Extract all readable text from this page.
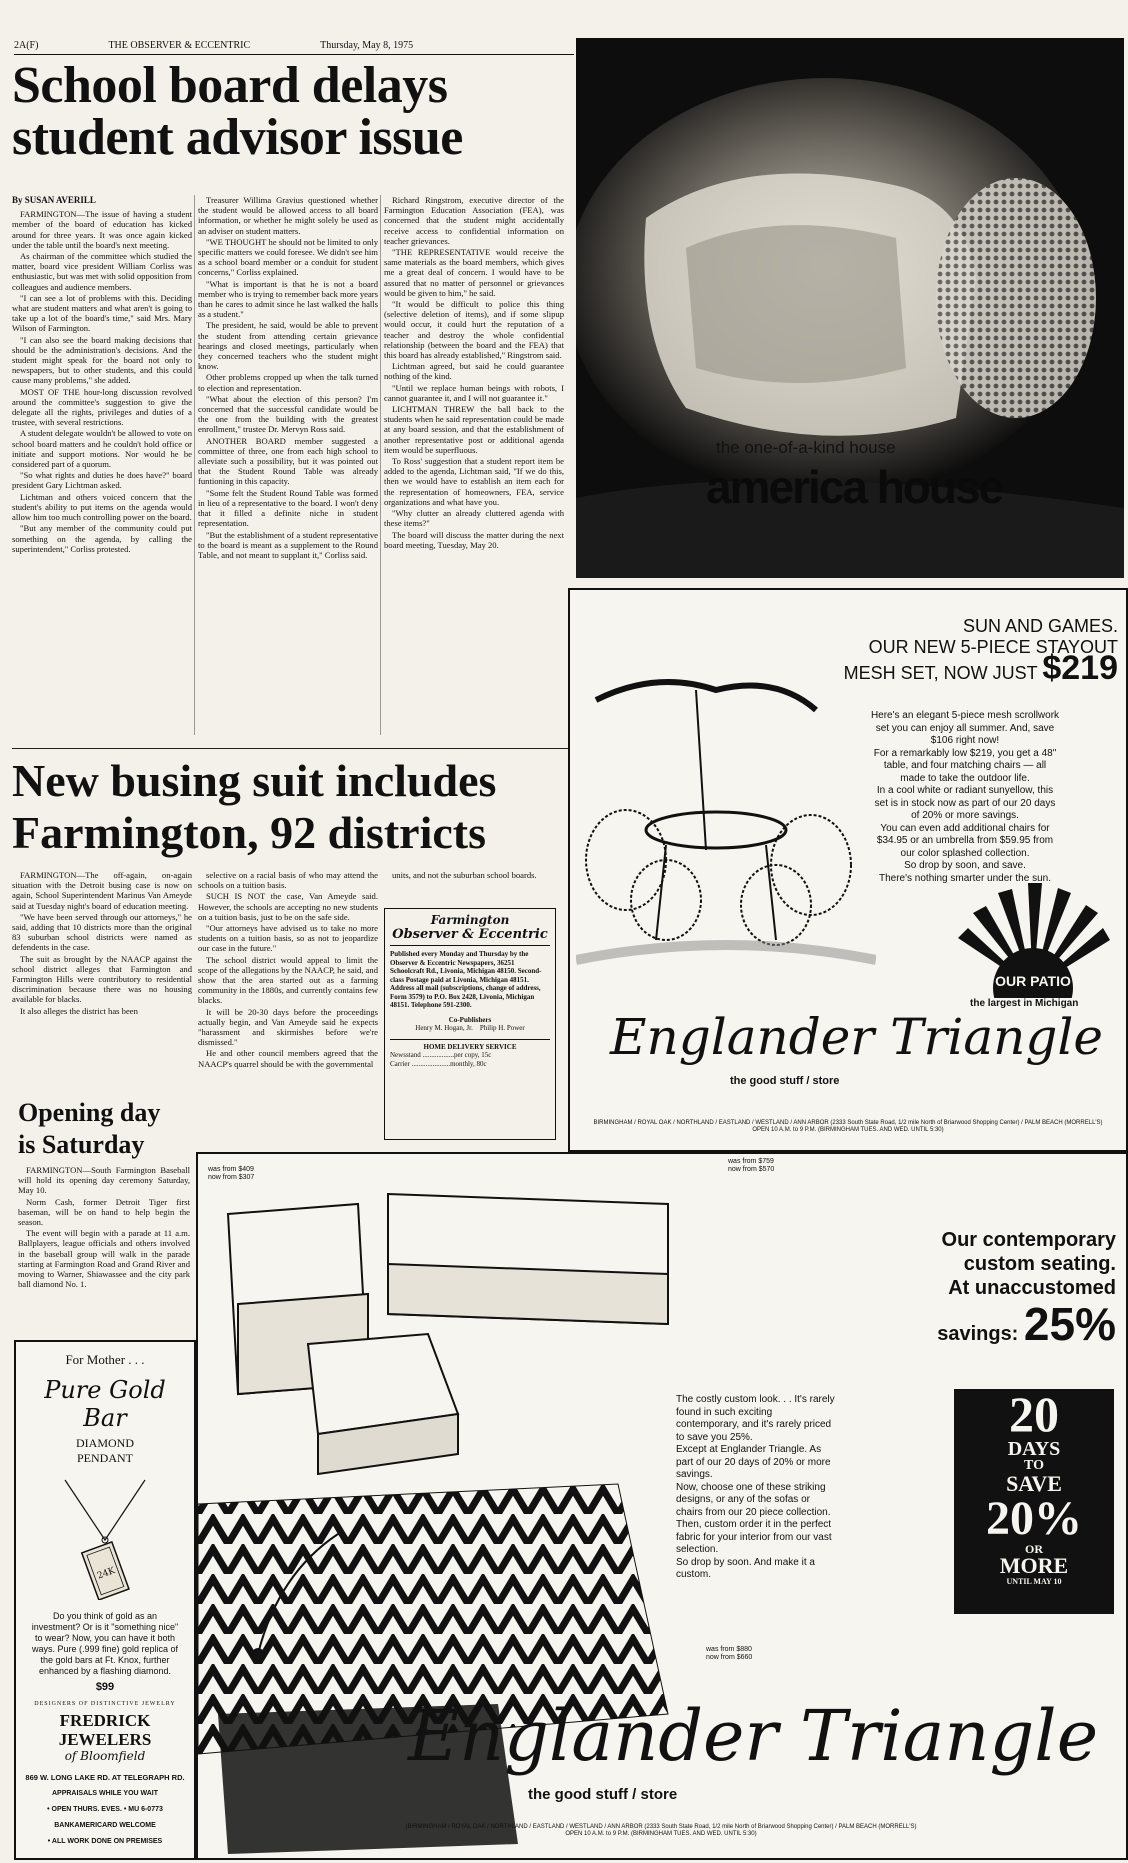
2A(F)	THE OBSERVER & ECCENTRIC	Thursday, May 8, 1975
School board delays
student advisor issue
By SUSAN AVERILL

FARMINGTON—The issue of having a student member of the board of education has kicked around for three years. It was once again kicked under the table until the board's next meeting.

As chairman of the committee which studied the matter, board vice president William Corliss was enthusiastic, but was met with solid opposition from colleagues and audience members.

"I can see a lot of problems with this. Deciding what are student matters and what aren't is going to take up a lot of the board's time," said Mrs. Mary Wilson of Farmington.

"I can also see the board making decisions that should be the administration's decisions. And the student might speak for the board not only to newspapers, but to other students, and this could cause many problems," she added.

MOST OF THE hour-long discussion revolved around the committee's suggestion to give the delegate all the rights, privileges and duties of a trustee, with several restrictions.

A student delegate wouldn't be allowed to vote on school board matters and he couldn't hold office or initiate and support motions. Nor would he be considered part of a quorum.

"So what rights and duties he does have?" board president Gary Lichtman asked.

Lichtman and others voiced concern that the student's ability to put items on the agenda would allow him too much controlling power on the board.

"But any member of the community could put something on the agenda, by calling the superintendent," Corliss protested.

Treasurer Willima Gravius questioned whether the student would be allowed access to all board information, or whether he might solely be used as an adviser on student matters.

"WE THOUGHT he should not be limited to only specific matters we could foresee. We didn't see him as a school board member or a conduit for student concerns," Corliss explained.

"What is important is that he is not a board member who is trying to remember back more years than he cares to admit since he last walked the halls as a student."

The president, he said, would be able to prevent the student from attending certain grievance hearings and closed meetings, particularly when they concerned teachers who the student might know.

Other problems cropped up when the talk turned to election and representation.

"What about the election of this person? I'm concerned that the successful candidate would be the one from the building with the greatest enrollment," trustee Dr. Mervyn Ross said.

ANOTHER BOARD member suggested a committee of three, one from each high school to alleviate such a possibility, but it was pointed out that the Student Round Table was already funtioning in this capacity.

"Some felt the Student Round Table was formed in lieu of a representative to the board. I won't deny that it filled a definite niche in student representation.

"But the establishment of a student representative to the board is meant as a supplement to the Round Table, and not meant to supplant it," Corliss said.

Richard Ringstrom, executive director of the Farmington Education Association (FEA), was concerned that the student might accidentally receive access to confidential information on teacher grievances.

"THE REPRESENTATIVE would receive the same materials as the board members, which gives me a great deal of concern. I would have to be assured that no matter of personnel or grievances would be given to him," he said.

"It would be difficult to police this thing (selective deletion of items), and if some slipup would occur, it could hurt the reputation of a teacher and destroy the whole confidential relationship (between the board and the FEA) that this board has already established," Ringstrom said.

Lichtman agreed, but said he could guarantee nothing of the kind.

"Until we replace human beings with robots, I cannot guarantee it, and I will not guarantee it."

LICHTMAN THREW the ball back to the students when he said representation could be made at any board session, and that the establishment of another representative post or additional agenda item would be superfluous.

To Ross' suggestion that a student report item be added to the agenda, Lichtman said, "If we do this, then we would have to establish an item each for the representation of homeowners, FEA, service organizations and what have you.

"Why clutter an already cluttered agenda with these items?"

The board will discuss the matter during the next board meeting, Tuesday, May 20.

New busing suit includes
Farmington, 92 districts

FARMINGTON—The off-again, on-again situation with the Detroit busing case is now on again, School Superintendent Marinus Van Ameyde said at Tuesday night's board of education meeting.

"We have been served through our attorneys," he said, adding that 10 districts more than the original 83 suburban school districts were named as defendents in the case.

The suit as brought by the NAACP against the school district alleges that Farmington and Farmington Hills were contributory to residential discrimination because there was no housing available for blacks.

It also alleges the district has been

selective on a racial basis of who may attend the schools on a tuition basis.

SUCH IS NOT the case, Van Ameyde said. However, the schools are accepting no new students on a tuition basis, just to be on the safe side.

"Our attorneys have advised us to take no more students on a tuition basis, so as not to jeopardize our case in the future."

The school district would appeal to limit the scope of the allegations by the NAACP, he said, and show that the area started out as a farming community in the 1880s, and currently contains few blacks.

It will be 20-30 days before the proceedings actually begin, and Van Ameyde said he expects "harassment and skirmishes before we're dismissed."

He and other council members agreed that the NAACP's quarrel should be with the governmental

units, and not the suburban school boards.

Farmington
Observer & Eccentric
Published every Monday and Thursday by the Observer & Eccentric Newspapers, 36251 Schoolcraft Rd., Livonia, Michigan 48150. Second-class Postage paid at Livonia, Michigan 48151. Address all mail (subscriptions, change of address, Form 3579) to P.O. Box 2428, Livonia, Michigan 48151. Telephone 591-2300.
Co-Publishers
Henry M. Hogan, Jr.    Philip H. Power
HOME DELIVERY SERVICE
Newsstand ..................per copy, 15c
Carrier ......................monthly, 80c
Opening day
is Saturday

FARMINGTON—South Farmington Baseball will hold its opening day ceremony Saturday, May 10.

Norm Cash, former Detroit Tiger first baseman, will be on hand to help begin the season.

The event will begin with a parade at 11 a.m. Ballplayers, league officials and others involved in the baseball group will walk in the parade starting at Farmington Road and Grand River and moving to Warner, Shiawassee and the city park ball diamond No. 1.

For Mother . . .
Pure Gold
Bar
DIAMOND
PENDANT
24K
Do you think of gold as an investment? Or is it "something nice" to wear? Now, you can have it both ways. Pure (.999 fine) gold replica of the gold bars at Ft. Knox, further enhanced by a flashing diamond.
$99
DESIGNERS OF DISTINCTIVE JEWELRY
FREDRICK
JEWELERS
of Bloomfield
869 W. LONG LAKE RD. AT TELEGRAPH RD.

APPRAISALS WHILE YOU WAIT

• OPEN THURS. EVES. • MU 6-0773

BANKAMERICARD WELCOME

• ALL WORK DONE ON PREMISES

the one-of-a-kind house
america house
SUN AND GAMES.
OUR NEW 5-PIECE STAYOUT
MESH SET, NOW JUST $219

Here's an elegant 5-piece mesh scrollwork set you can enjoy all summer. And, save $106 right now!

For a remarkably low $219, you get a 48" table, and four matching chairs — all made to take the outdoor life.

In a cool white or radiant sunyellow, this set is in stock now as part of our 20 days of 20% or more savings.

You can even add additional chairs for $34.95 or an umbrella from $59.95 from our color splashed collection.

So drop by soon, and save.

There's nothing smarter under the sun.

OUR PATIO
the largest in Michigan
Englander Triangle
the good stuff / store
BIRMINGHAM / ROYAL OAK / NORTHLAND / EASTLAND / WESTLAND / ANN ARBOR (2333 South State Road, 1/2 mile North of Briarwood Shopping Center) / PALM BEACH (MORRELL'S)
OPEN 10 A.M. to 9 P.M. (BIRMINGHAM TUES. AND WED. UNTIL 5:30)
was from $409
now from $307
was from $759
now from $570
Our contemporary
custom seating.
At unaccustomed
savings: 25%

The costly custom look. . . It's rarely found in such exciting contemporary, and it's rarely priced to save you 25%.

Except at Englander Triangle. As part of our 20 days of 20% or more savings.

Now, choose one of these striking designs, or any of the sofas or chairs from our 20 piece collection.

Then, custom order it in the perfect fabric for your interior from our vast selection.

So drop by soon. And make it a custom.

20
DAYS
TO
SAVE
20%
OR
MORE
UNTIL MAY 10
was from $880
now from $660
Englander Triangle
the good stuff / store
(BIRMINGHAM / ROYAL OAK / NORTHLAND / EASTLAND / WESTLAND / ANN ARBOR (2333 South State Road, 1/2 mile North of Briarwood Shopping Center) / PALM BEACH (MORRELL'S)
OPEN 10 A.M. to 9 P.M. (BIRMINGHAM TUES. AND WED. UNTIL 5:30)
